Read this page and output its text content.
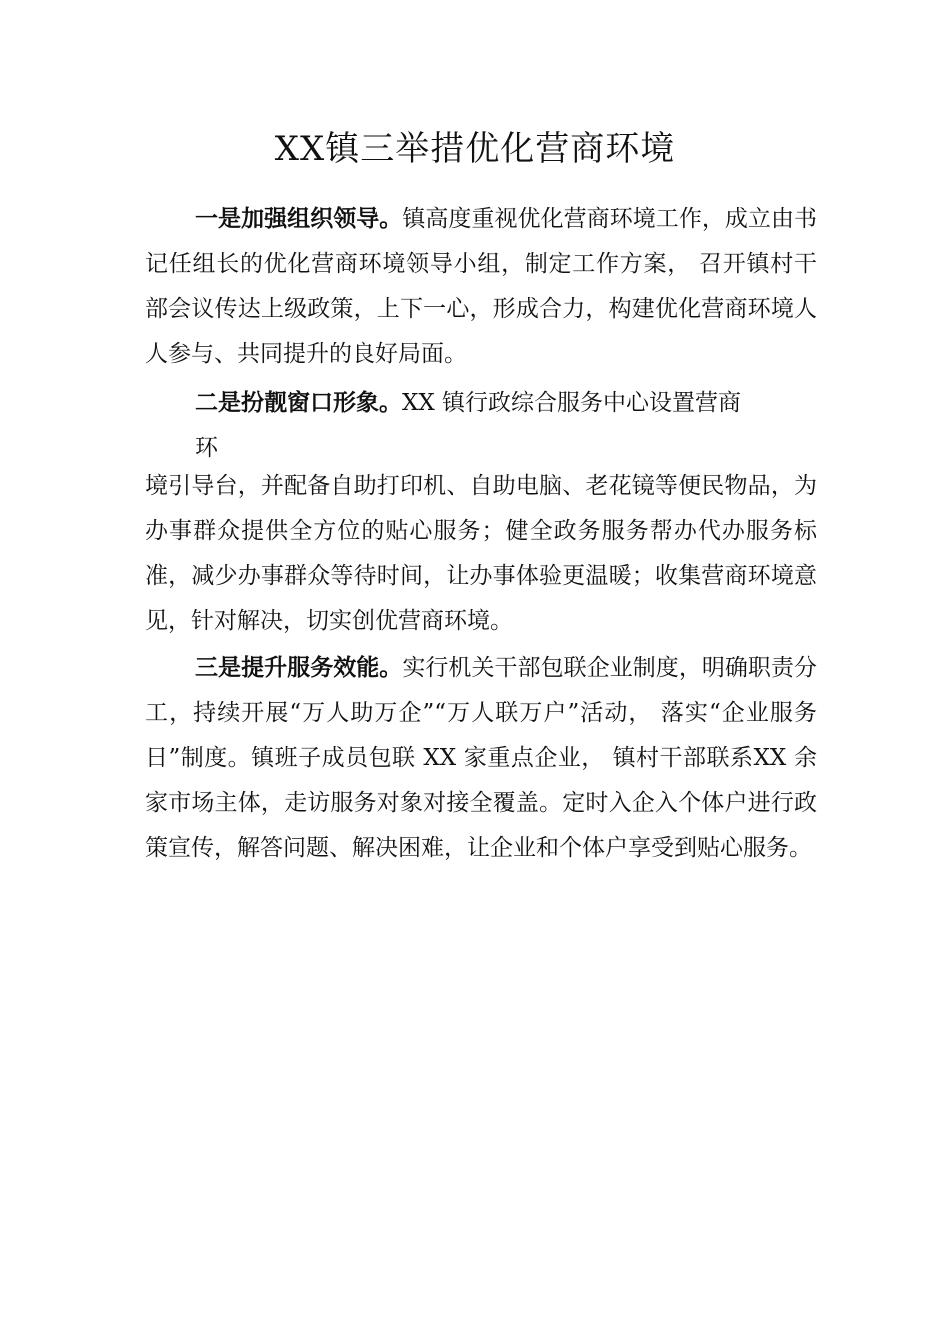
XX镇三举措优化营商环境

一是加强组织领导。镇高度重视优化营商环境工作，成立由书记任组长的优化营商环境领导小组，制定工作方案， 召开镇村干部会议传达上级政策，上下一心，形成合力，构建优化营商环境人人参与、共同提升的良好局面。

二是扮靓窗口形象。XX 镇行政综合服务中心设置营商
环

境引导台，并配备自助打印机、自助电脑、老花镜等便民物品，为办事群众提供全方位的贴心服务；健全政务服务帮办代办服务标准，减少办事群众等待时间，让办事体验更温暖；收集营商环境意见，针对解决，切实创优营商环境。

三是提升服务效能。实行机关干部包联企业制度，明确职责分工，持续开展“万人助万企”“万人联万户”活动， 落实“企业服务日”制度。镇班子成员包联 XX 家重点企业， 镇村干部联系XX 余家市场主体，走访服务对象对接全覆盖。定时入企入个体户进行政策宣传，解答问题、解决困难，让企业和个体户享受到贴心服务。
